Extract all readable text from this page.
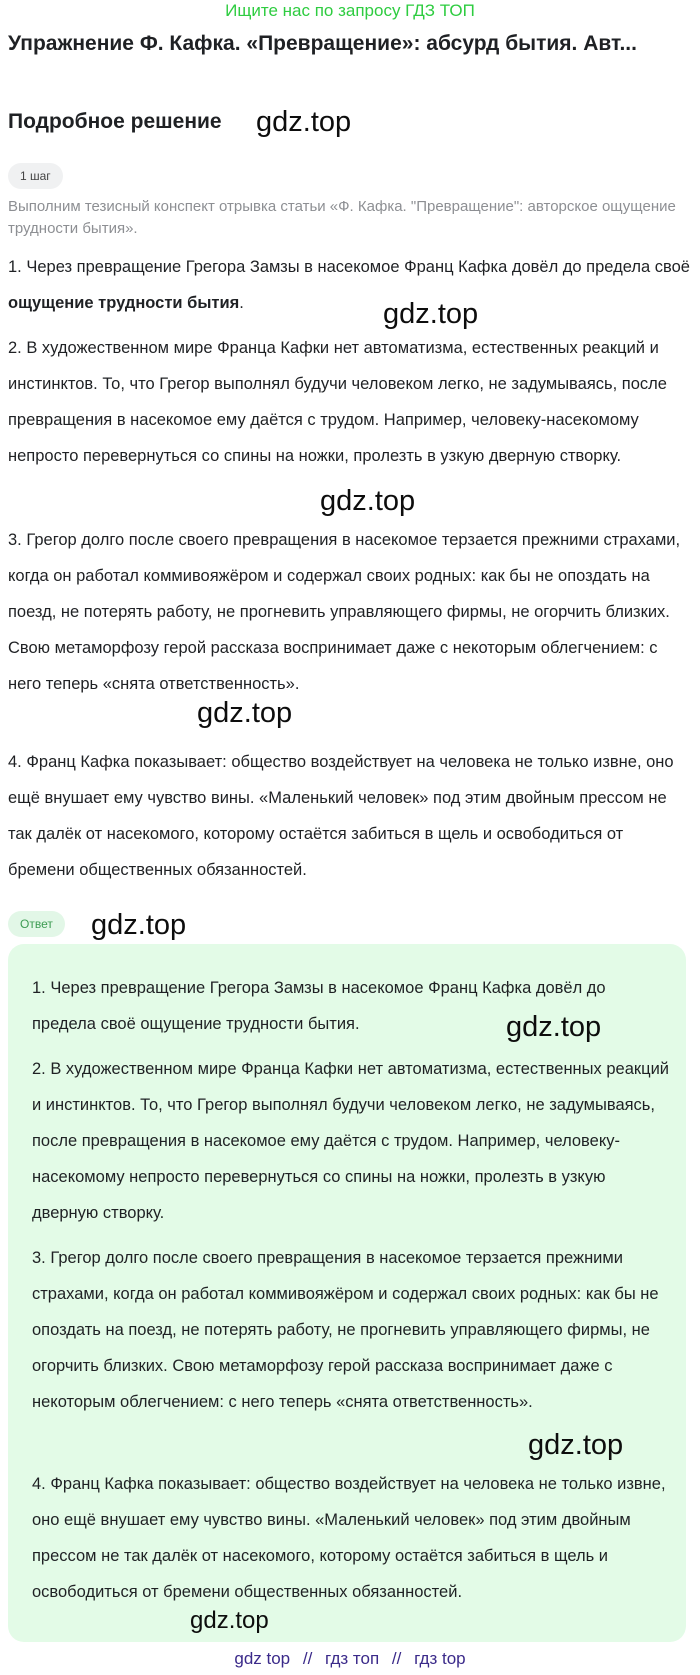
Ищите нас по запросу ГДЗ ТОП
Упражнение Ф. Кафка. «Превращение»: абсурд бытия. Авт...
Подробное решение gdz.top
1 шаг

Выполним тезисный конспект отрывка статьи «Ф. Кафка. "Превращение": авторское ощущение трудности бытия».

1. Через превращение Грегора Замзы в насекомое Франц Кафка довёл до предела своё ощущение трудности бытия.	gdz.top

2. В художественном мире Франца Кафки нет автоматизма, естественных реакций и инстинктов. То, что Грегор выполнял будучи человеком легко, не задумываясь, после превращения в насекомое ему даётся с трудом. Например, человеку-насекомому непросто перевернуться со спины на ножки, пролезть в узкую дверную створку.

gdz.top

3. Грегор долго после своего превращения в насекомое терзается прежними страхами, когда он работал коммивояжёром и содержал своих родных: как бы не опоздать на поезд, не потерять работу, не прогневить управляющего фирмы, не огорчить близких. Свою метаморфозу герой рассказа воспринимает даже с некоторым облегчением: с него теперь «снята ответственность».

gdz.top

4. Франц Кафка показывает: общество воздействует на человека не только извне, оно ещё внушает ему чувство вины. «Маленький человек» под этим двойным прессом не так далёк от насекомого, которому остаётся забиться в щель и освободиться от бремени общественных обязанностей.

Ответ	gdz.top

1. Через превращение Грегора Замзы в насекомое Франц Кафка довёл до предела своё ощущение трудности бытия.	gdz.top

2. В художественном мире Франца Кафки нет автоматизма, естественных реакций и инстинктов. То, что Грегор выполнял будучи человеком легко, не задумываясь, после превращения в насекомое ему даётся с трудом. Например, человеку-насекомому непросто перевернуться со спины на ножки, пролезть в узкую дверную створку.

3. Грегор долго после своего превращения в насекомое терзается прежними страхами, когда он работал коммивояжёром и содержал своих родных: как бы не опоздать на поезд, не потерять работу, не прогневить управляющего фирмы, не огорчить близких. Свою метаморфозу герой рассказа воспринимает даже с некоторым облегчением: с него теперь «снята ответственность».

gdz.top

4. Франц Кафка показывает: общество воздействует на человека не только извне, оно ещё внушает ему чувство вины. «Маленький человек» под этим двойным прессом не так далёк от насекомого, которому остаётся забиться в щель и освободиться от бремени общественных обязанностей.

gdz.top
gdz top // гдз топ // гдз top
